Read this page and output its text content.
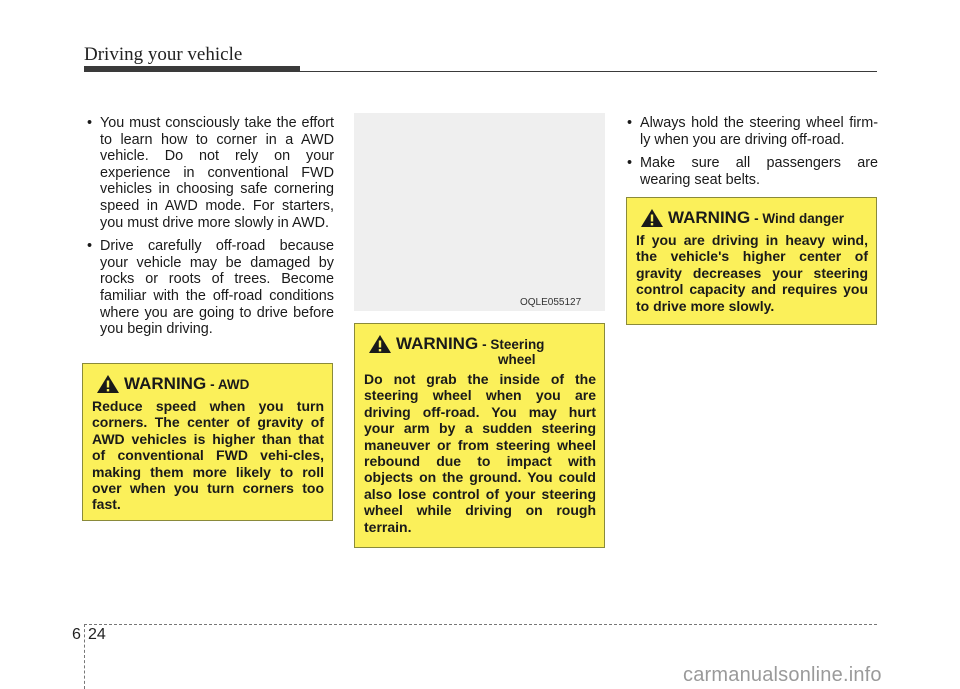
Driving your vehicle
• You must consciously take the effort to learn how to corner in a AWD vehicle. Do not rely on your experience in conventional FWD vehicles in choosing safe cornering speed in AWD mode. For starters, you must drive more slowly in AWD.
• Drive carefully off-road because your vehicle may be damaged by rocks or roots of trees. Become familiar with the off-road conditions where you are going to drive before you begin driving.
WARNING - AWD
Reduce speed when you turn corners. The center of gravity of AWD vehicles is higher than that of conventional FWD vehi-cles, making them more likely to roll over when you turn corners too fast.
OQLE055127
WARNING - Steering
wheel
Do not grab the inside of the steering wheel when you are driving off-road. You may hurt your arm by a sudden steering maneuver or from steering wheel rebound due to impact with objects on the ground. You could also lose control of your steering wheel while driving on rough terrain.
• Always hold the steering wheel firm-ly when you are driving off-road.
• Make sure all passengers are wearing seat belts.
WARNING - Wind danger
If you are driving in heavy wind, the vehicle's higher center of gravity decreases your steering control capacity and requires you to drive more slowly.
6 24
carmanualsonline.info
